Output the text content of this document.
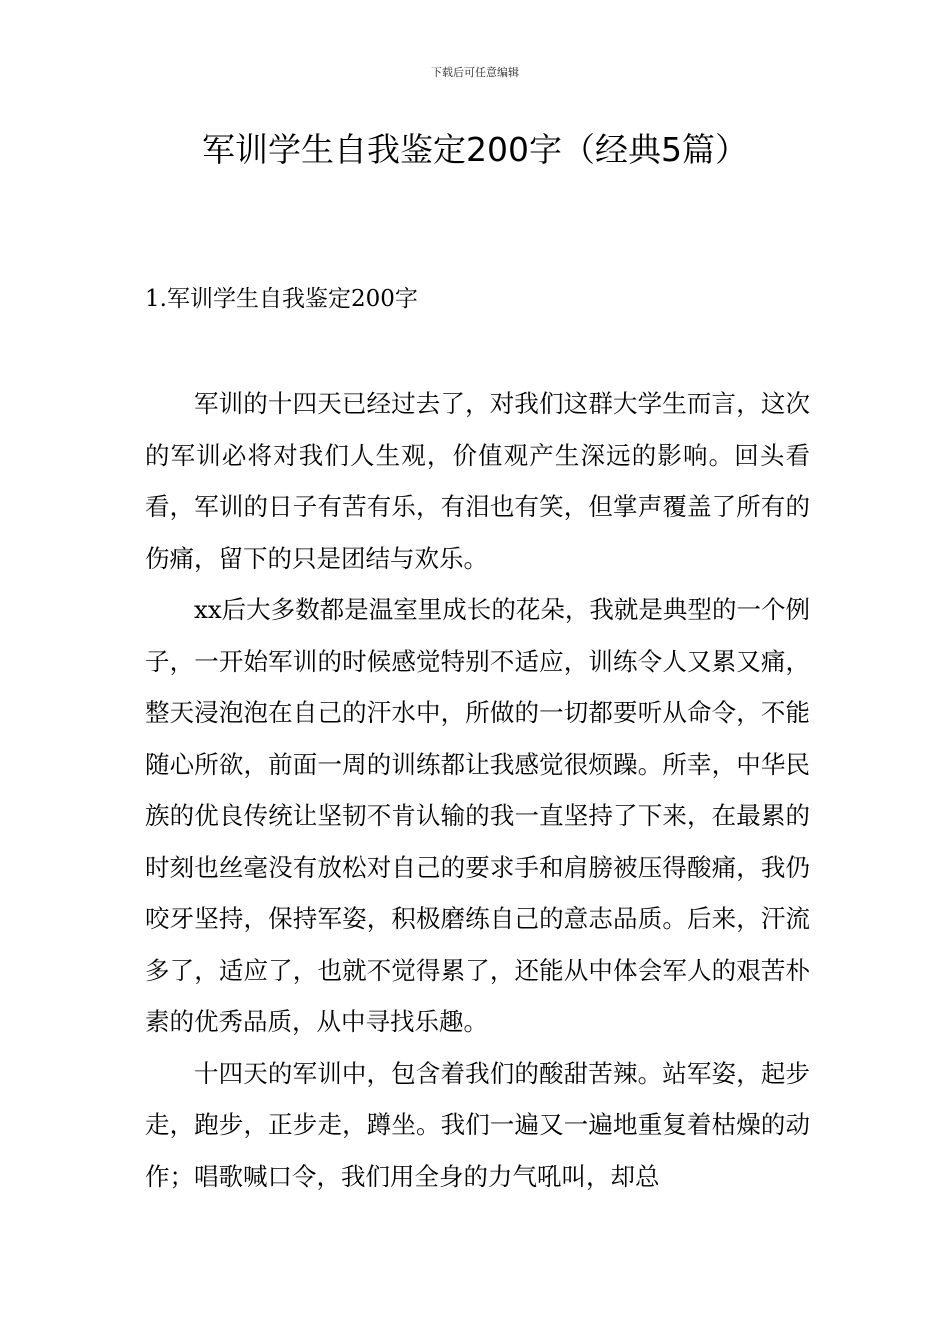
下载后可任意编辑
军训学生自我鉴定200字（经典5篇）
1.军训学生自我鉴定200字

军训的十四天已经过去了，对我们这群大学生而言，这次的军训必将对我们人生观，价值观产生深远的影响。回头看看，军训的日子有苦有乐，有泪也有笑，但掌声覆盖了所有的伤痛，留下的只是团结与欢乐。

xx后大多数都是温室里成长的花朵，我就是典型的一个例子，一开始军训的时候感觉特别不适应，训练令人又累又痛，整天浸泡泡在自己的汗水中，所做的一切都要听从命令，不能随心所欲，前面一周的训练都让我感觉很烦躁。所幸，中华民族的优良传统让坚韧不肯认输的我一直坚持了下来，在最累的时刻也丝毫没有放松对自己的要求手和肩膀被压得酸痛，我仍咬牙坚持，保持军姿，积极磨练自己的意志品质。后来，汗流多了，适应了，也就不觉得累了，还能从中体会军人的艰苦朴素的优秀品质，从中寻找乐趣。

十四天的军训中，包含着我们的酸甜苦辣。站军姿，起步走，跑步，正步走，蹲坐。我们一遍又一遍地重复着枯燥的动作；唱歌喊口令，我们用全身的力气吼叫，却总
